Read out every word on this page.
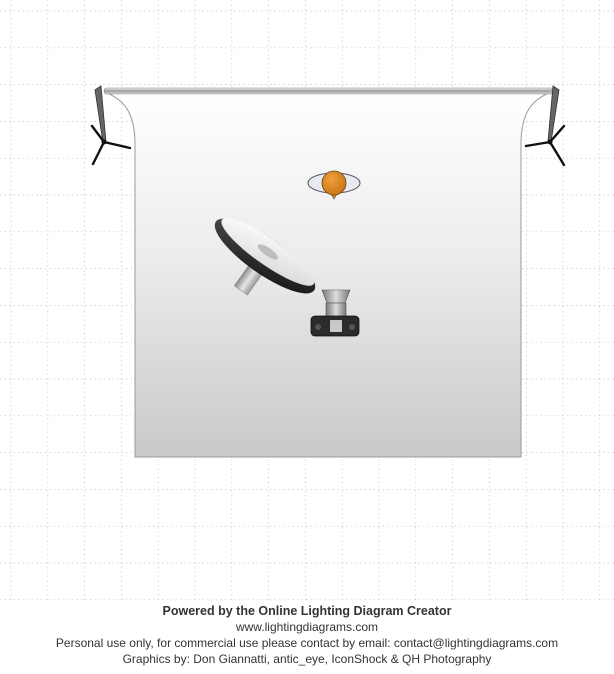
Powered by the Online Lighting Diagram Creator
www.lightingdiagrams.com
Personal use only, for commercial use please contact by email: contact@lightingdiagrams.com
Graphics by: Don Giannatti, antic_eye, IconShock & QH Photography
